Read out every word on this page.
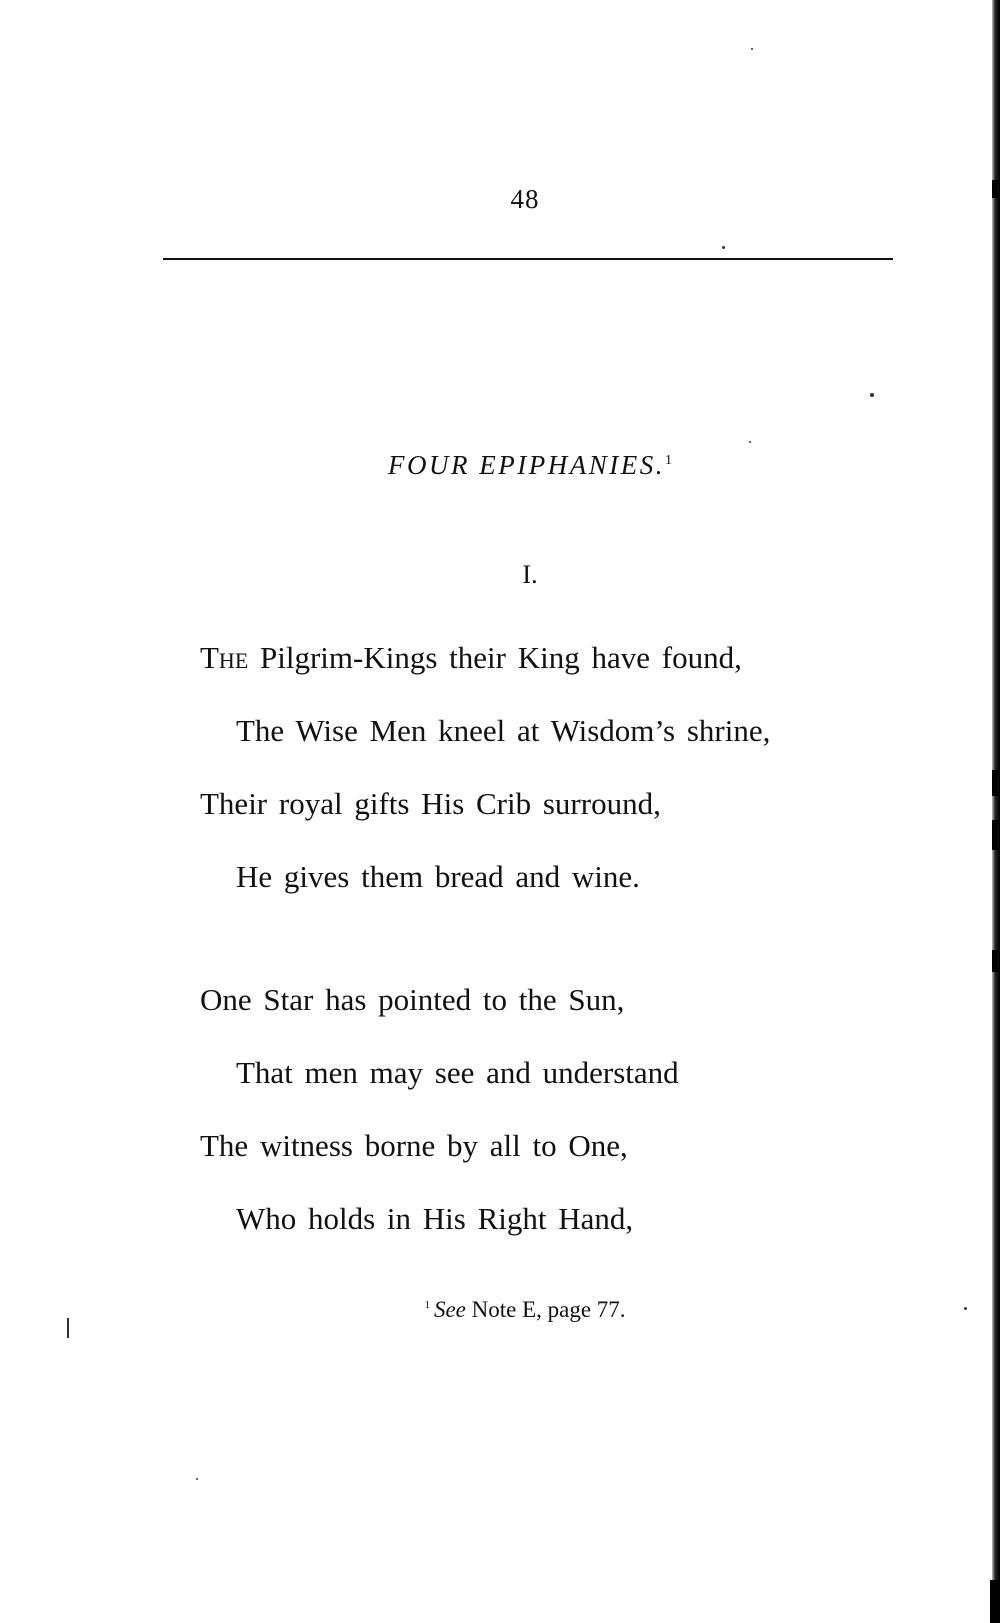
48
FOUR EPIPHANIES.$^1$
I.
The Pilgrim-Kings their King have found,
The Wise Men kneel at Wisdom’s shrine,
Their royal gifts His Crib surround,
He gives them bread and wine.
One Star has pointed to the Sun,
That men may see and understand
The witness borne by all to One,
Who holds in His Right Hand,
$^1$ See Note E, page 77.
